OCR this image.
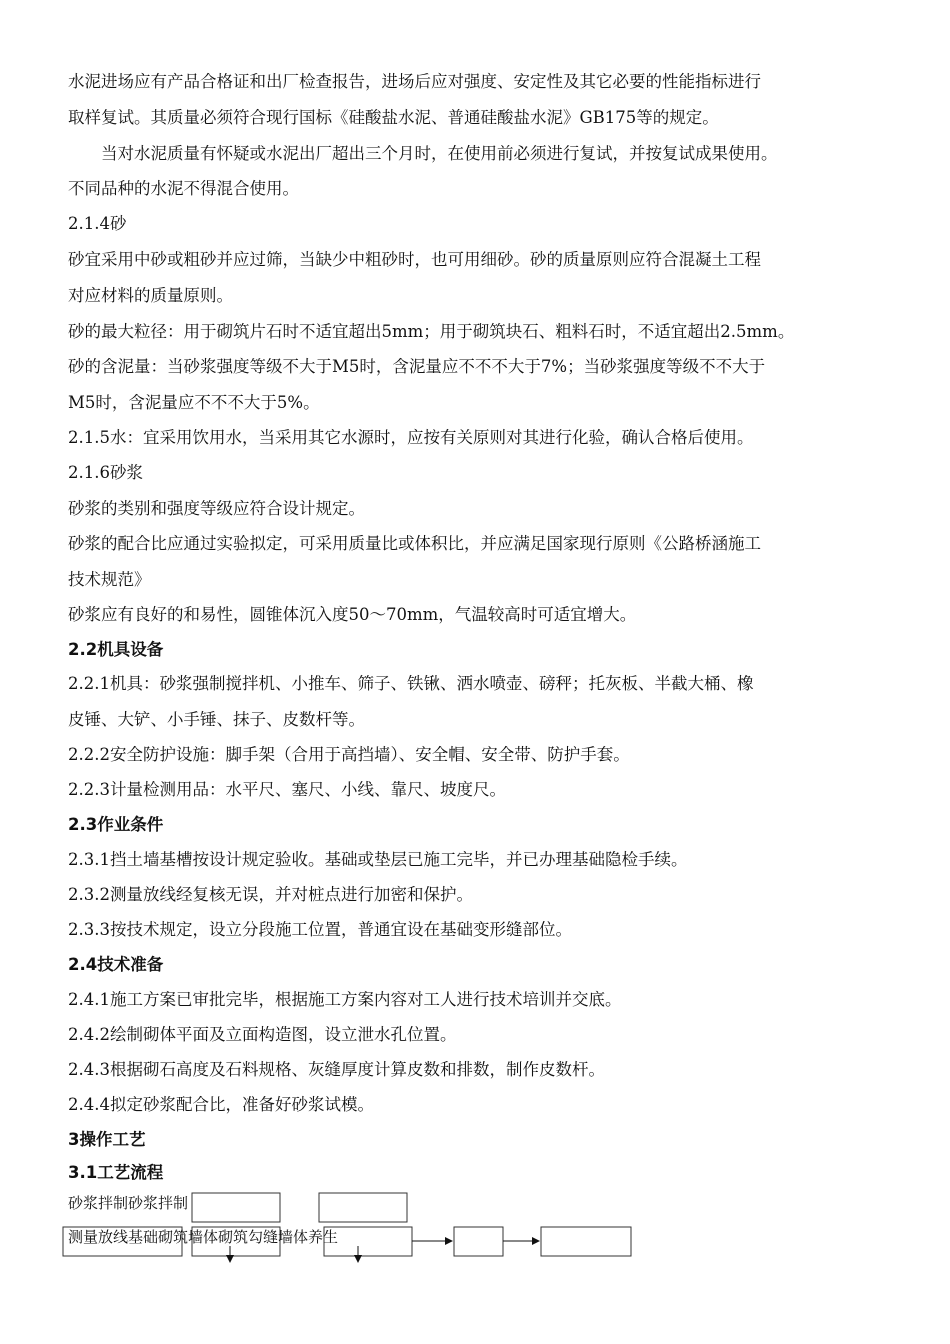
水泥进场应有产品合格证和出厂检查报告，进场后应对强度、安定性及其它必要的性能指标进行
取样复试。其质量必须符合现行国标《硅酸盐水泥、普通硅酸盐水泥》GB175等的规定。
　　当对水泥质量有怀疑或水泥出厂超出三个月时，在使用前必须进行复试，并按复试成果使用。
不同品种的水泥不得混合使用。
2.1.4砂
砂宜采用中砂或粗砂并应过筛，当缺少中粗砂时，也可用细砂。砂的质量原则应符合混凝土工程
对应材料的质量原则。
砂的最大粒径：用于砌筑片石时不适宜超出5mm；用于砌筑块石、粗料石时，不适宜超出2.5mm。
砂的含泥量：当砂浆强度等级不大于M5时，含泥量应不不不大于7%；当砂浆强度等级不不大于
M5时，含泥量应不不不大于5%。
2.1.5水：宜采用饮用水，当采用其它水源时，应按有关原则对其进行化验，确认合格后使用。
2.1.6砂浆
砂浆的类别和强度等级应符合设计规定。
砂浆的配合比应通过实验拟定，可采用质量比或体积比，并应满足国家现行原则《公路桥涵施工
技术规范》
砂浆应有良好的和易性，圆锥体沉入度50～70mm，气温较高时可适宜增大。
2.2机具设备
2.2.1机具：砂浆强制搅拌机、小推车、筛子、铁锹、洒水喷壶、磅秤；托灰板、半截大桶、橡
皮锤、大铲、小手锤、抹子、皮数杆等。
2.2.2安全防护设施：脚手架（合用于高挡墙）、安全帽、安全带、防护手套。
2.2.3计量检测用品：水平尺、塞尺、小线、靠尺、坡度尺。
2.3作业条件
2.3.1挡土墙基槽按设计规定验收。基础或垫层已施工完毕，并已办理基础隐检手续。
2.3.2测量放线经复核无误，并对桩点进行加密和保护。
2.3.3按技术规定，设立分段施工位置，普通宜设在基础变形缝部位。
2.4技术准备
2.4.1施工方案已审批完毕，根据施工方案内容对工人进行技术培训并交底。
2.4.2绘制砌体平面及立面构造图，设立泄水孔位置。
2.4.3根据砌石高度及石料规格、灰缝厚度计算皮数和排数，制作皮数杆。
2.4.4拟定砂浆配合比，准备好砂浆试模。
3操作工艺
3.1工艺流程
砂浆拌制砂浆拌制
测量放线基础砌筑墙体砌筑勾缝墙体养生
